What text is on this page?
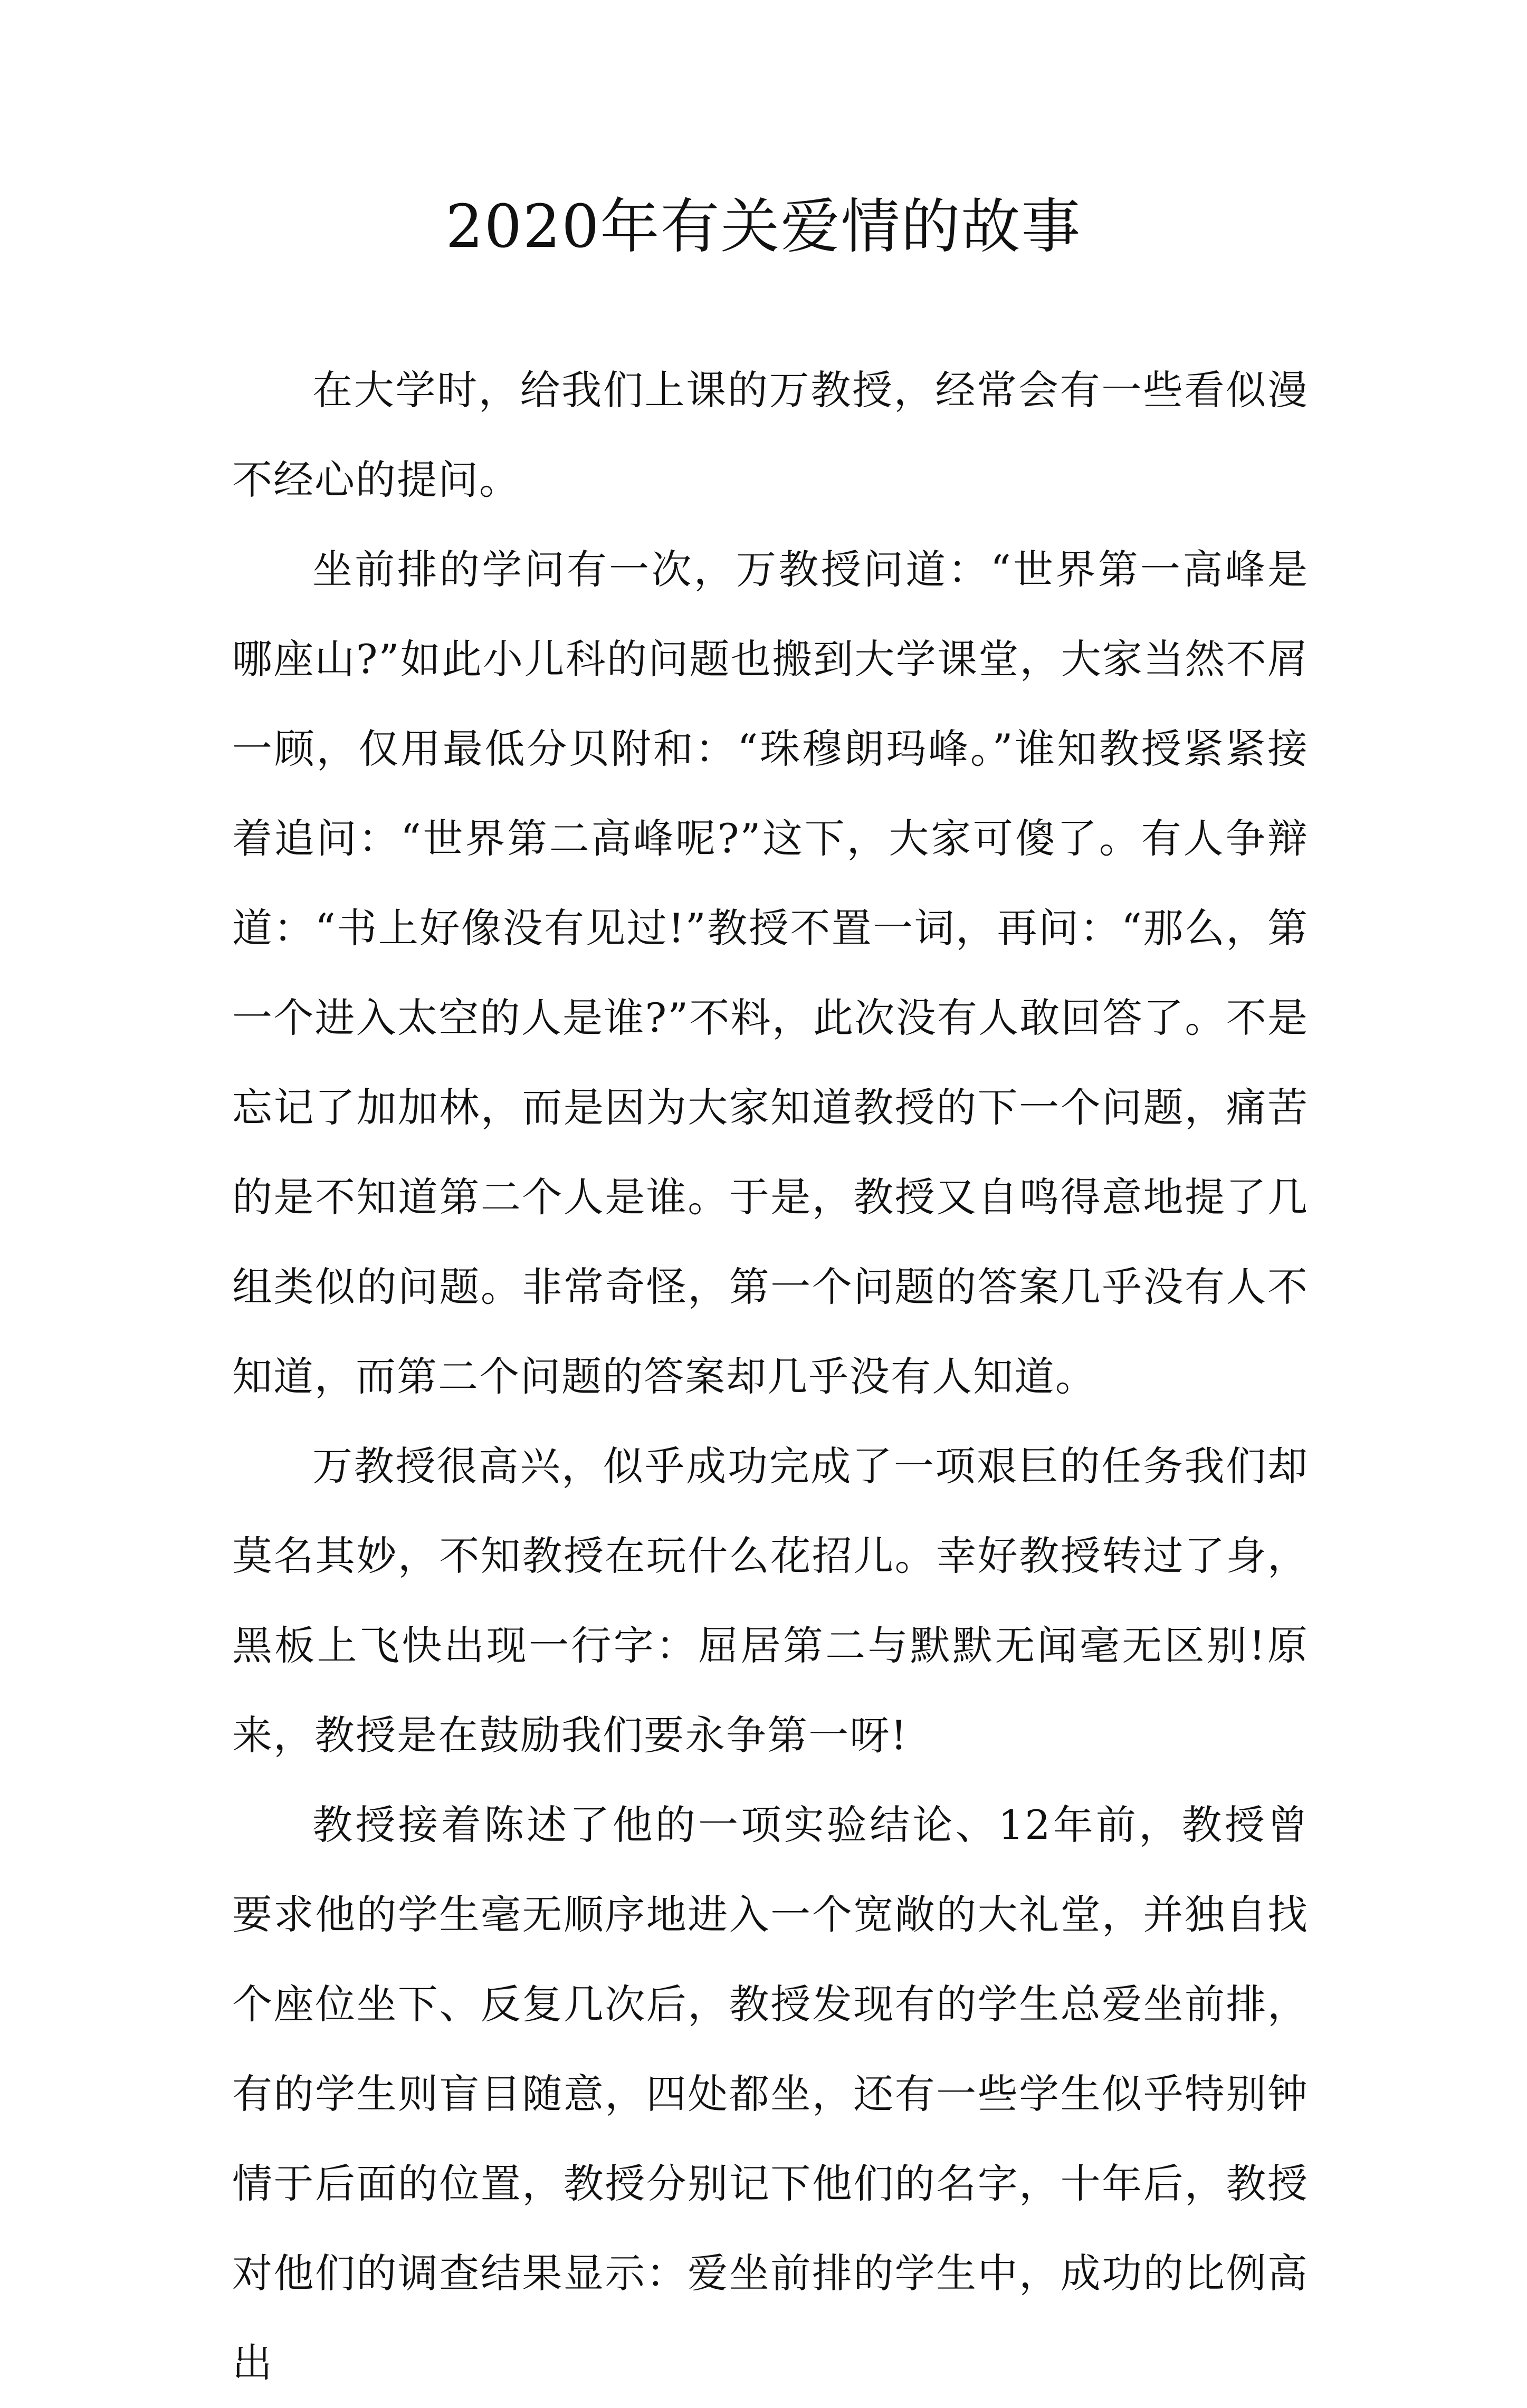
2020年有关爱情的故事

在大学时，给我们上课的万教授，经常会有一些看似漫不经心的提问。

坐前排的学问有一次，万教授问道：“世界第一高峰是哪座山?”如此小儿科的问题也搬到大学课堂，大家当然不屑一顾，仅用最低分贝附和：“珠穆朗玛峰。”谁知教授紧紧接着追问：“世界第二高峰呢?”这下，大家可傻了。有人争辩道：“书上好像没有见过!”教授不置一词，再问：“那么，第一个进入太空的人是谁?”不料，此次没有人敢回答了。不是忘记了加加林，而是因为大家知道教授的下一个问题，痛苦的是不知道第二个人是谁。于是，教授又自鸣得意地提了几组类似的问题。非常奇怪，第一个问题的答案几乎没有人不知道，而第二个问题的答案却几乎没有人知道。

万教授很高兴，似乎成功完成了一项艰巨的任务我们却莫名其妙，不知教授在玩什么花招儿。幸好教授转过了身，黑板上飞快出现一行字：屈居第二与默默无闻毫无区别!原来，教授是在鼓励我们要永争第一呀!

教授接着陈述了他的一项实验结论、12年前，教授曾要求他的学生毫无顺序地进入一个宽敞的大礼堂，并独自找个座位坐下、反复几次后，教授发现有的学生总爱坐前排，有的学生则盲目随意，四处都坐，还有一些学生似乎特别钟情于后面的位置，教授分别记下他们的名字，十年后，教授对他们的调查结果显示：爱坐前排的学生中，成功的比例高出
